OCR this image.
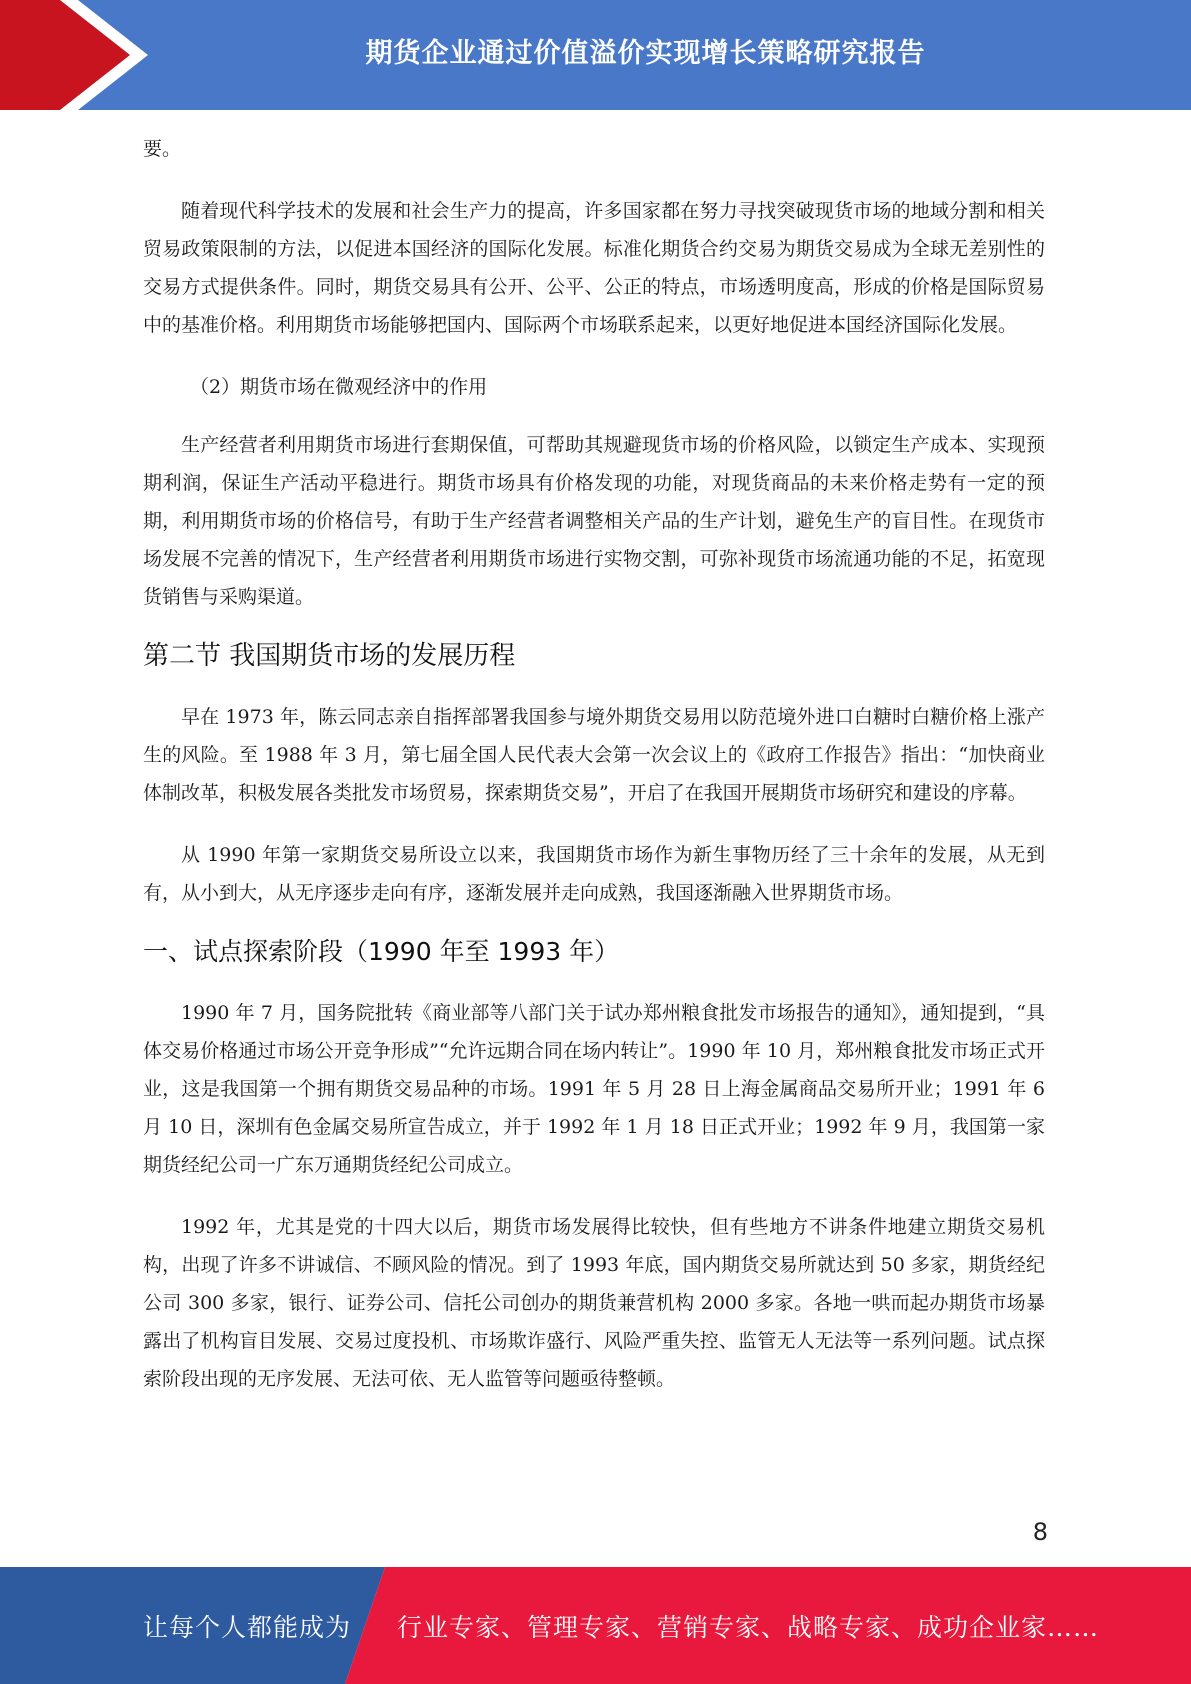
期货企业通过价值溢价实现增长策略研究报告

要。

随着现代科学技术的发展和社会生产力的提高，许多国家都在努力寻找突破现货市场的地域分割和相关贸易政策限制的方法，以促进本国经济的国际化发展。标准化期货合约交易为期货交易成为全球无差别性的交易方式提供条件。同时，期货交易具有公开、公平、公正的特点，市场透明度高，形成的价格是国际贸易中的基准价格。利用期货市场能够把国内、国际两个市场联系起来，以更好地促进本国经济国际化发展。

（2）期货市场在微观经济中的作用

生产经营者利用期货市场进行套期保值，可帮助其规避现货市场的价格风险，以锁定生产成本、实现预期利润，保证生产活动平稳进行。期货市场具有价格发现的功能，对现货商品的未来价格走势有一定的预期，利用期货市场的价格信号，有助于生产经营者调整相关产品的生产计划，避免生产的盲目性。在现货市场发展不完善的情况下，生产经营者利用期货市场进行实物交割，可弥补现货市场流通功能的不足，拓宽现货销售与采购渠道。

第二节 我国期货市场的发展历程

早在 1973 年，陈云同志亲自指挥部署我国参与境外期货交易用以防范境外进口白糖时白糖价格上涨产生的风险。至 1988 年 3 月，第七届全国人民代表大会第一次会议上的《政府工作报告》指出：“加快商业体制改革，积极发展各类批发市场贸易，探索期货交易”，开启了在我国开展期货市场研究和建设的序幕。

从 1990 年第一家期货交易所设立以来，我国期货市场作为新生事物历经了三十余年的发展，从无到有，从小到大，从无序逐步走向有序，逐渐发展并走向成熟，我国逐渐融入世界期货市场。

一、试点探索阶段（1990 年至 1993 年）

1990 年 7 月，国务院批转《商业部等八部门关于试办郑州粮食批发市场报告的通知》，通知提到，“具体交易价格通过市场公开竞争形成”“允许远期合同在场内转让”。1990 年 10 月，郑州粮食批发市场正式开业，这是我国第一个拥有期货交易品种的市场。1991 年 5 月 28 日上海金属商品交易所开业；1991 年 6 月 10 日，深圳有色金属交易所宣告成立，并于 1992 年 1 月 18 日正式开业；1992 年 9 月，我国第一家期货经纪公司一广东万通期货经纪公司成立。

1992 年，尤其是党的十四大以后，期货市场发展得比较快，但有些地方不讲条件地建立期货交易机构，出现了许多不讲诚信、不顾风险的情况。到了 1993 年底，国内期货交易所就达到 50 多家，期货经纪公司 300 多家，银行、证券公司、信托公司创办的期货兼营机构 2000 多家。各地一哄而起办期货市场暴露出了机构盲目发展、交易过度投机、市场欺诈盛行、风险严重失控、监管无人无法等一系列问题。试点探索阶段出现的无序发展、无法可依、无人监管等问题亟待整顿。

8
让每个人都能成为 行业专家、管理专家、营销专家、战略专家、成功企业家……
